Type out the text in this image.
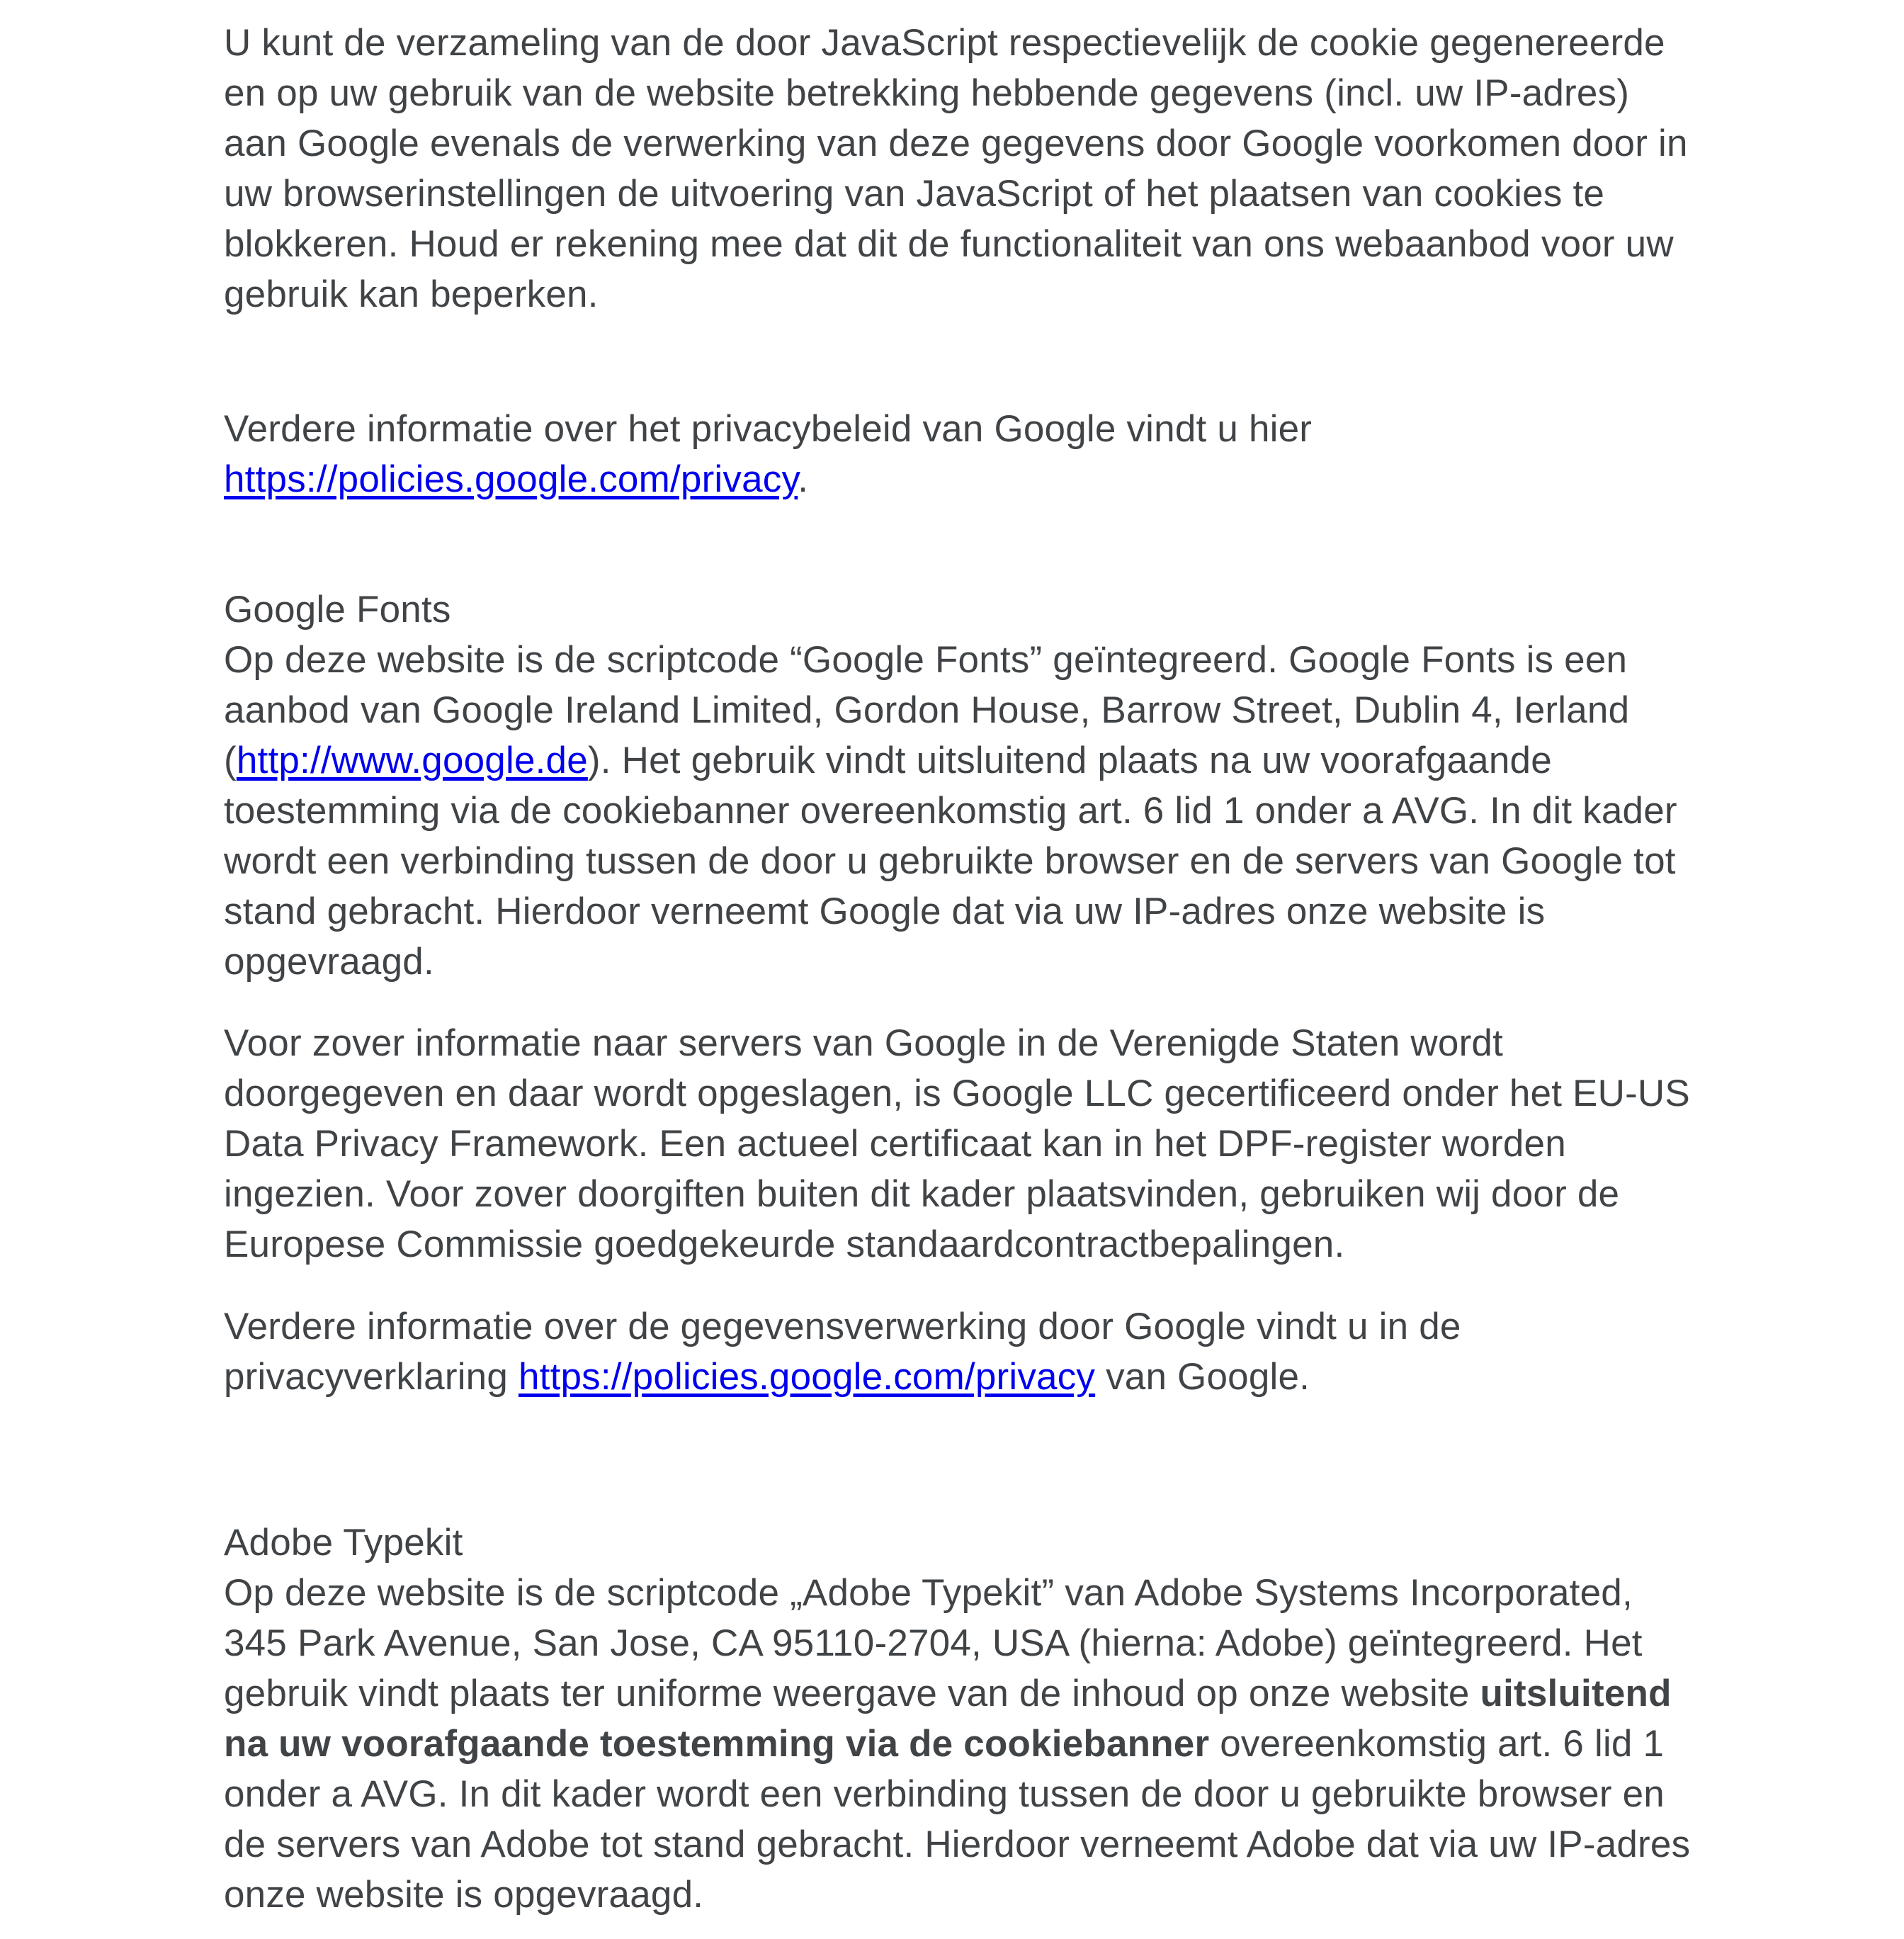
U kunt de verzameling van de door JavaScript respectievelijk de cookie gegenereerde
en op uw gebruik van de website betrekking hebbende gegevens (incl. uw IP-adres)
aan Google evenals de verwerking van deze gegevens door Google voorkomen door in
uw browserinstellingen de uitvoering van JavaScript of het plaatsen van cookies te
blokkeren. Houd er rekening mee dat dit de functionaliteit van ons webaanbod voor uw
gebruik kan beperken.
Verdere informatie over het privacybeleid van Google vindt u hier
https://policies.google.com/privacy.
Google Fonts
Op deze website is de scriptcode “Google Fonts” geïntegreerd. Google Fonts is een
aanbod van Google Ireland Limited, Gordon House, Barrow Street, Dublin 4, Ierland
(http://www.google.de). Het gebruik vindt uitsluitend plaats na uw voorafgaande
toestemming via de cookiebanner overeenkomstig art. 6 lid 1 onder a AVG. In dit kader
wordt een verbinding tussen de door u gebruikte browser en de servers van Google tot
stand gebracht. Hierdoor verneemt Google dat via uw IP-adres onze website is
opgevraagd.
Voor zover informatie naar servers van Google in de Verenigde Staten wordt
doorgegeven en daar wordt opgeslagen, is Google LLC gecertificeerd onder het EU-US
Data Privacy Framework. Een actueel certificaat kan in het DPF-register worden
ingezien. Voor zover doorgiften buiten dit kader plaatsvinden, gebruiken wij door de
Europese Commissie goedgekeurde standaardcontractbepalingen.
Verdere informatie over de gegevensverwerking door Google vindt u in de
privacyverklaring https://policies.google.com/privacy van Google.
Adobe Typekit
Op deze website is de scriptcode „Adobe Typekit” van Adobe Systems Incorporated,
345 Park Avenue, San Jose, CA 95110-2704, USA (hierna: Adobe) geïntegreerd. Het
gebruik vindt plaats ter uniforme weergave van de inhoud op onze website uitsluitend
na uw voorafgaande toestemming via de cookiebanner overeenkomstig art. 6 lid 1
onder a AVG. In dit kader wordt een verbinding tussen de door u gebruikte browser en
de servers van Adobe tot stand gebracht. Hierdoor verneemt Adobe dat via uw IP-adres
onze website is opgevraagd.
